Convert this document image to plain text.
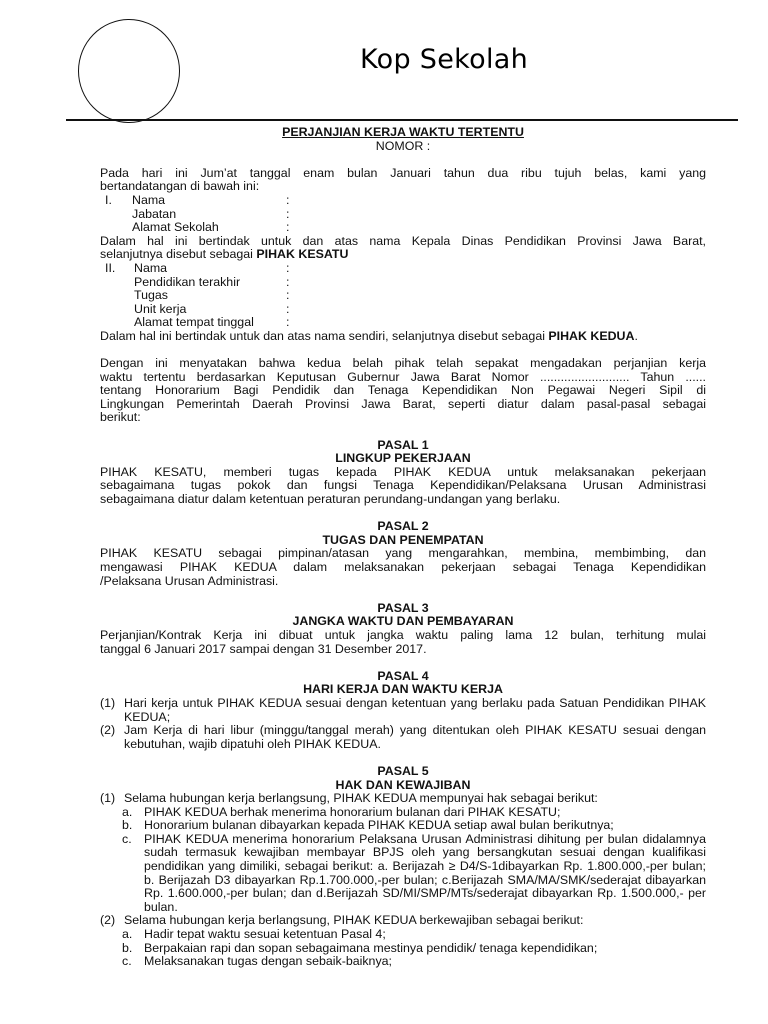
Kop Sekolah
PERJANJIAN KERJA WAKTU TERTENTU
NOMOR :
Pada hari ini Jum’at tanggal enam bulan Januari tahun dua ribu tujuh belas, kami yang
bertandatangan di bawah ini:
I. Nama	:
Jabatan	:
Alamat Sekolah	:
Dalam hal ini bertindak untuk dan atas nama Kepala Dinas Pendidikan Provinsi Jawa Barat,
selanjutnya disebut sebagai PIHAK KESATU
II. Nama	:
Pendidikan terakhir	:
Tugas	:
Unit kerja	:
Alamat tempat tinggal	:
Dalam hal ini bertindak untuk dan atas nama sendiri, selanjutnya disebut sebagai PIHAK KEDUA.
Dengan ini menyatakan bahwa kedua belah pihak telah sepakat mengadakan perjanjian kerja
waktu tertentu berdasarkan Keputusan Gubernur Jawa Barat Nomor .......................... Tahun ......
tentang Honorarium Bagi Pendidik dan Tenaga Kependidikan Non Pegawai Negeri Sipil di
Lingkungan Pemerintah Daerah Provinsi Jawa Barat, seperti diatur dalam pasal-pasal sebagai
berikut:
PASAL 1
LINGKUP PEKERJAAN
PIHAK KESATU, memberi tugas kepada PIHAK KEDUA untuk melaksanakan pekerjaan
sebagaimana tugas pokok dan fungsi Tenaga Kependidikan/Pelaksana Urusan Administrasi
sebagaimana diatur dalam ketentuan peraturan perundang-undangan yang berlaku.
PASAL 2
TUGAS DAN PENEMPATAN
PIHAK KESATU sebagai pimpinan/atasan yang mengarahkan, membina, membimbing, dan
mengawasi PIHAK KEDUA dalam melaksanakan pekerjaan sebagai Tenaga Kependidikan
/Pelaksana Urusan Administrasi.
PASAL 3
JANGKA WAKTU DAN PEMBAYARAN
Perjanjian/Kontrak Kerja ini dibuat untuk jangka waktu paling lama 12 bulan, terhitung mulai
tanggal 6 Januari 2017 sampai dengan 31 Desember 2017.
PASAL 4
HARI KERJA DAN WAKTU KERJA
(1) Hari kerja untuk PIHAK KEDUA sesuai dengan ketentuan yang berlaku pada Satuan Pendidikan PIHAK KEDUA;
(2) Jam Kerja di hari libur (minggu/tanggal merah) yang ditentukan oleh PIHAK KESATU sesuai dengan kebutuhan, wajib dipatuhi oleh PIHAK KEDUA.
PASAL 5
HAK DAN KEWAJIBAN
(1) Selama hubungan kerja berlangsung, PIHAK KEDUA mempunyai hak sebagai berikut:
a. PIHAK KEDUA berhak menerima honorarium bulanan dari PIHAK KESATU;
b. Honorarium bulanan dibayarkan kepada PIHAK KEDUA setiap awal bulan berikutnya;
c. PIHAK KEDUA menerima honorarium Pelaksana Urusan Administrasi dihitung per bulan didalamnya sudah termasuk kewajiban membayar BPJS oleh yang bersangkutan sesuai dengan kualifikasi pendidikan yang dimiliki, sebagai berikut: a. Berijazah ≥ D4/S-1dibayarkan Rp. 1.800.000,-per bulan; b. Berijazah D3 dibayarkan Rp.1.700.000,-per bulan; c.Berijazah SMA/MA/SMK/sederajat dibayarkan Rp. 1.600.000,-per bulan; dan d.Berijazah SD/MI/SMP/MTs/sederajat dibayarkan Rp. 1.500.000,- per bulan.
(2) Selama hubungan kerja berlangsung, PIHAK KEDUA berkewajiban sebagai berikut:
a. Hadir tepat waktu sesuai ketentuan Pasal 4;
b. Berpakaian rapi dan sopan sebagaimana mestinya pendidik/ tenaga kependidikan;
c. Melaksanakan tugas dengan sebaik-baiknya;
